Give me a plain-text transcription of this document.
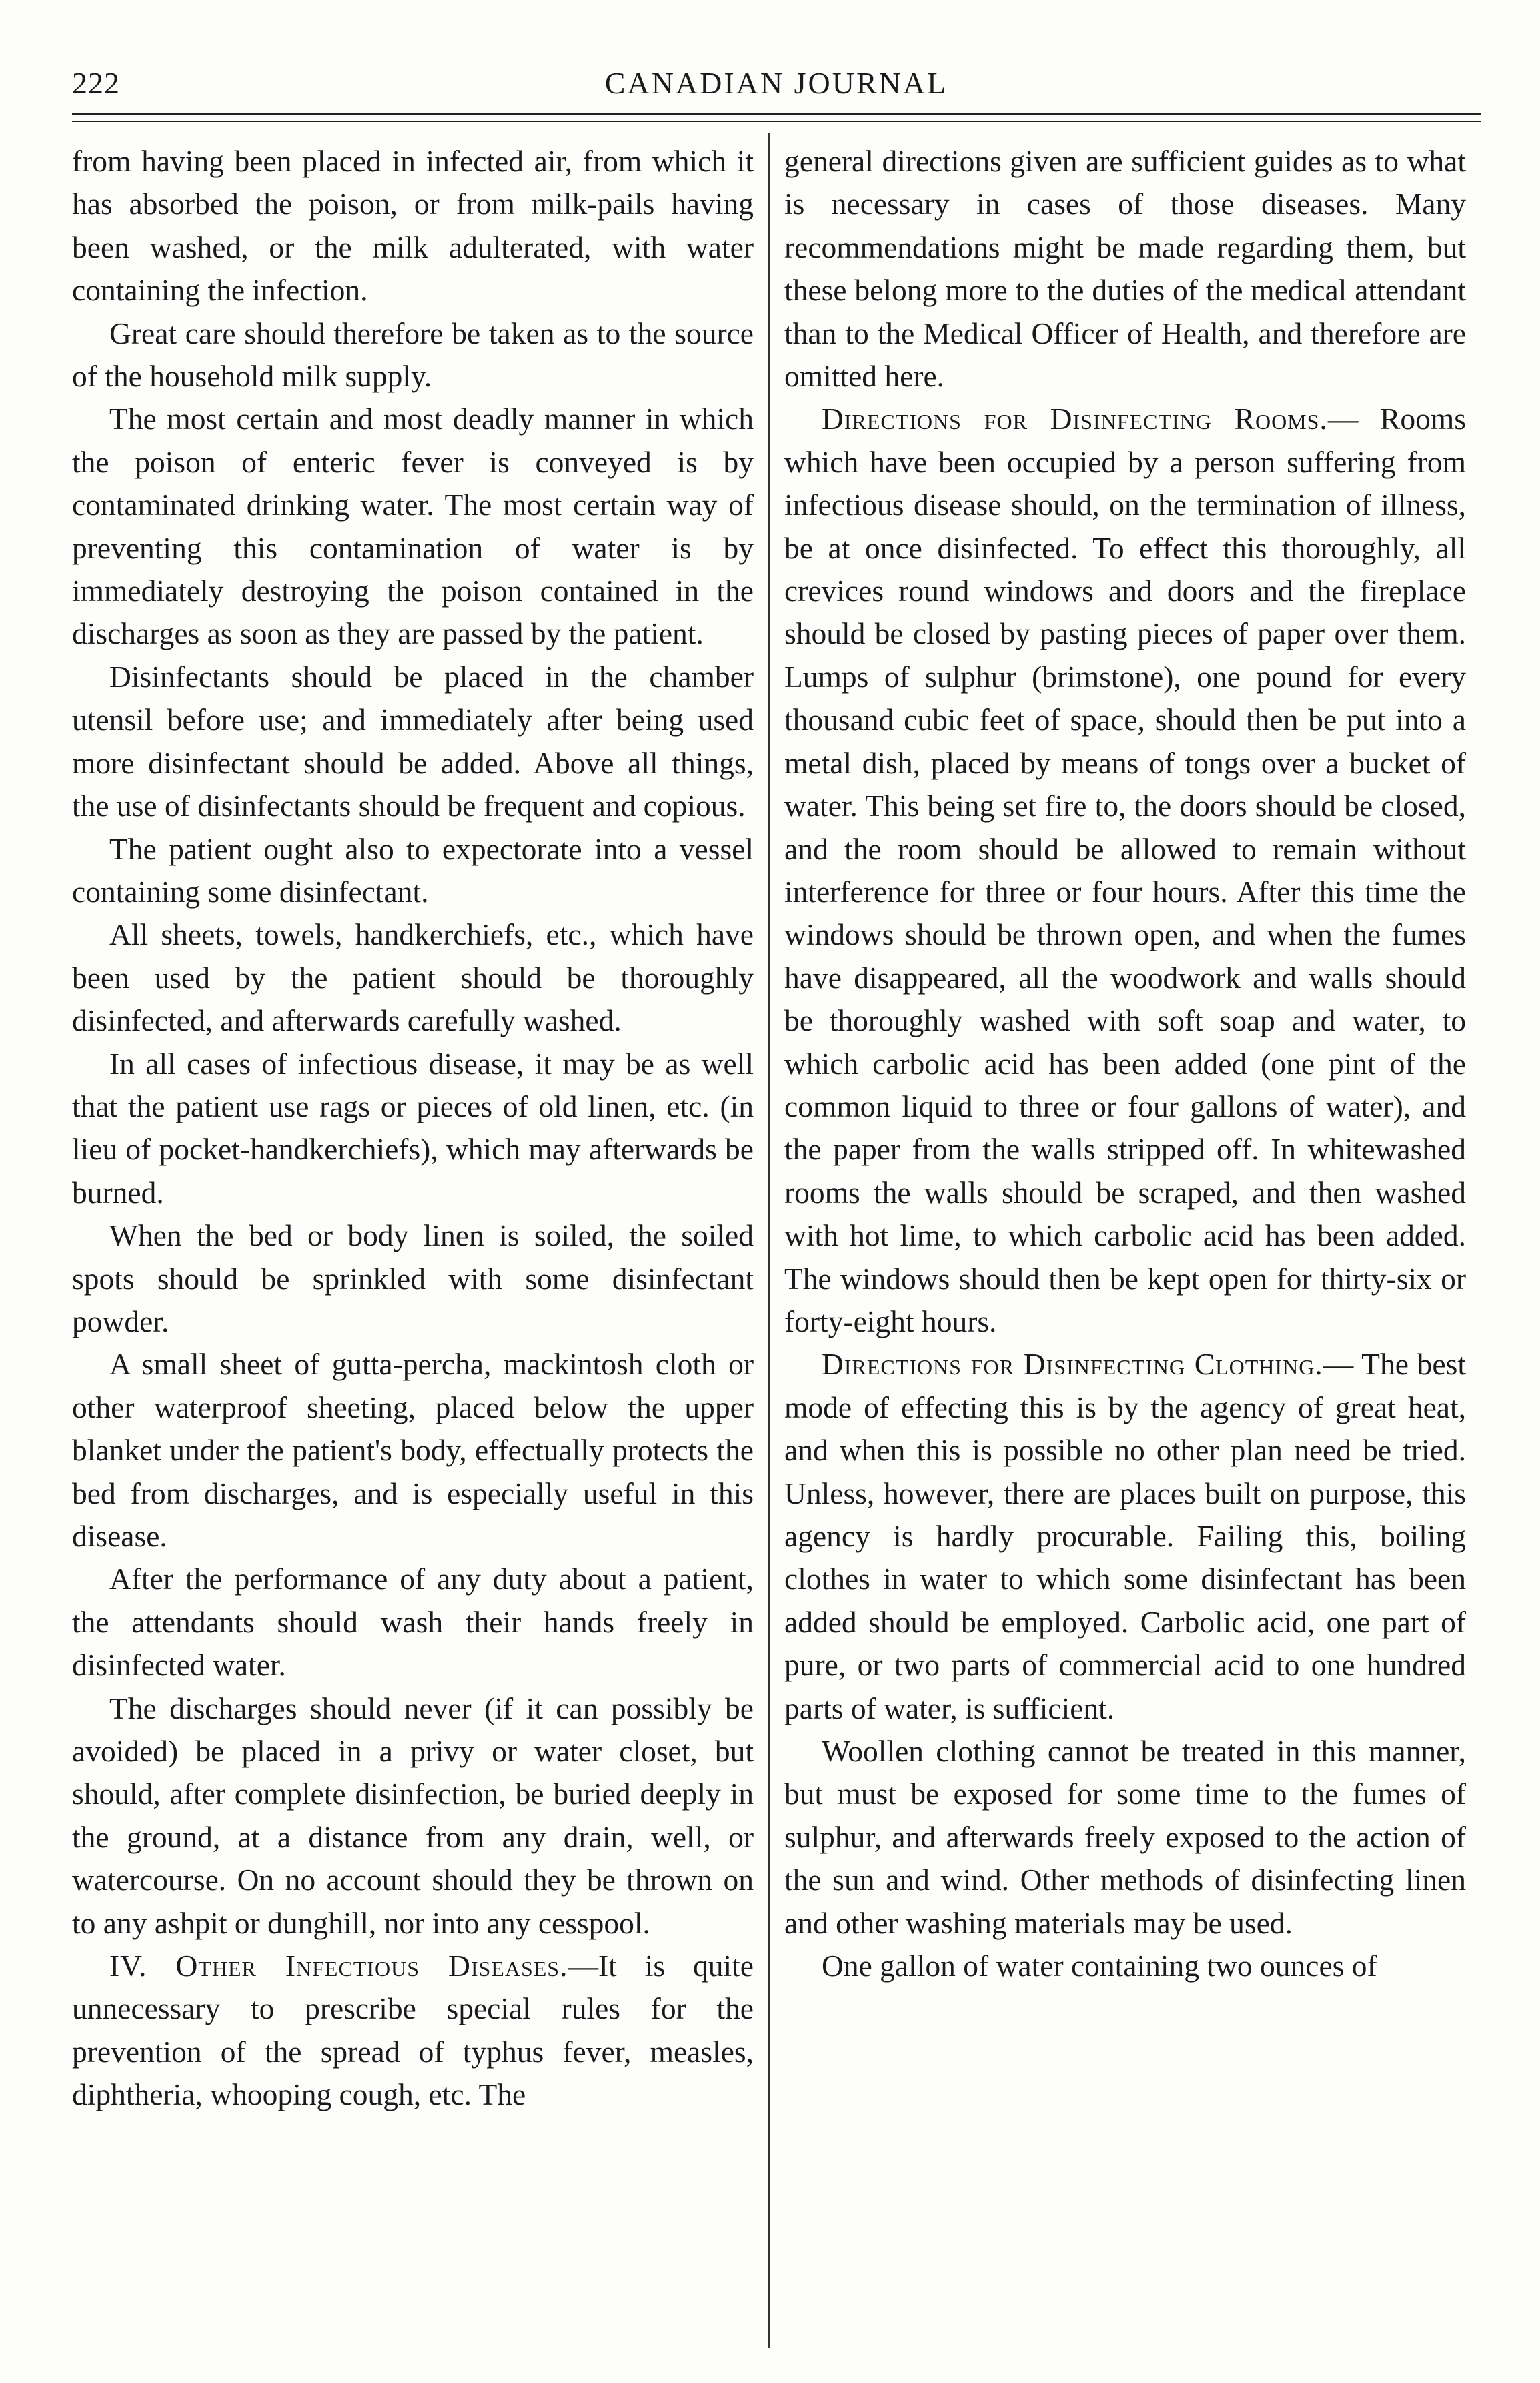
222	CANADIAN JOURNAL

from having been placed in infected air, from which it has absorbed the poison, or from milk-pails having been washed, or the milk adulterated, with water containing the infection.

Great care should therefore be taken as to the source of the household milk supply.

The most certain and most deadly manner in which the poison of enteric fever is conveyed is by contaminated drinking water. The most certain way of preventing this contamination of water is by immediately destroying the poison contained in the discharges as soon as they are passed by the patient.

Disinfectants should be placed in the chamber utensil before use; and immediately after being used more disinfectant should be added. Above all things, the use of disinfectants should be frequent and copious.

The patient ought also to expectorate into a vessel containing some disinfectant.

All sheets, towels, handkerchiefs, etc., which have been used by the patient should be thoroughly disinfected, and afterwards carefully washed.

In all cases of infectious disease, it may be as well that the patient use rags or pieces of old linen, etc. (in lieu of pocket-handkerchiefs), which may afterwards be burned.

When the bed or body linen is soiled, the soiled spots should be sprinkled with some disinfectant powder.

A small sheet of gutta-percha, mackintosh cloth or other waterproof sheeting, placed below the upper blanket under the patient's body, effectually protects the bed from discharges, and is especially useful in this disease.

After the performance of any duty about a patient, the attendants should wash their hands freely in disinfected water.

The discharges should never (if it can possibly be avoided) be placed in a privy or water closet, but should, after complete disinfection, be buried deeply in the ground, at a distance from any drain, well, or watercourse. On no account should they be thrown on to any ashpit or dunghill, nor into any cesspool.

IV. Other Infectious Diseases.—It is quite unnecessary to prescribe special rules for the prevention of the spread of typhus fever, measles, diphtheria, whooping cough, etc. The

general directions given are sufficient guides as to what is necessary in cases of those diseases. Many recommendations might be made regarding them, but these belong more to the duties of the medical attendant than to the Medical Officer of Health, and therefore are omitted here.

Directions for Disinfecting Rooms.— Rooms which have been occupied by a person suffering from infectious disease should, on the termination of illness, be at once disinfected. To effect this thoroughly, all crevices round windows and doors and the fireplace should be closed by pasting pieces of paper over them. Lumps of sulphur (brimstone), one pound for every thousand cubic feet of space, should then be put into a metal dish, placed by means of tongs over a bucket of water. This being set fire to, the doors should be closed, and the room should be allowed to remain without interference for three or four hours. After this time the windows should be thrown open, and when the fumes have disappeared, all the woodwork and walls should be thoroughly washed with soft soap and water, to which carbolic acid has been added (one pint of the common liquid to three or four gallons of water), and the paper from the walls stripped off. In whitewashed rooms the walls should be scraped, and then washed with hot lime, to which carbolic acid has been added. The windows should then be kept open for thirty-six or forty-eight hours.

Directions for Disinfecting Clothing.— The best mode of effecting this is by the agency of great heat, and when this is possible no other plan need be tried. Unless, however, there are places built on purpose, this agency is hardly procurable. Failing this, boiling clothes in water to which some disinfectant has been added should be employed. Carbolic acid, one part of pure, or two parts of commercial acid to one hundred parts of water, is sufficient.

Woollen clothing cannot be treated in this manner, but must be exposed for some time to the fumes of sulphur, and afterwards freely exposed to the action of the sun and wind. Other methods of disinfecting linen and other washing materials may be used.

One gallon of water containing two ounces of
